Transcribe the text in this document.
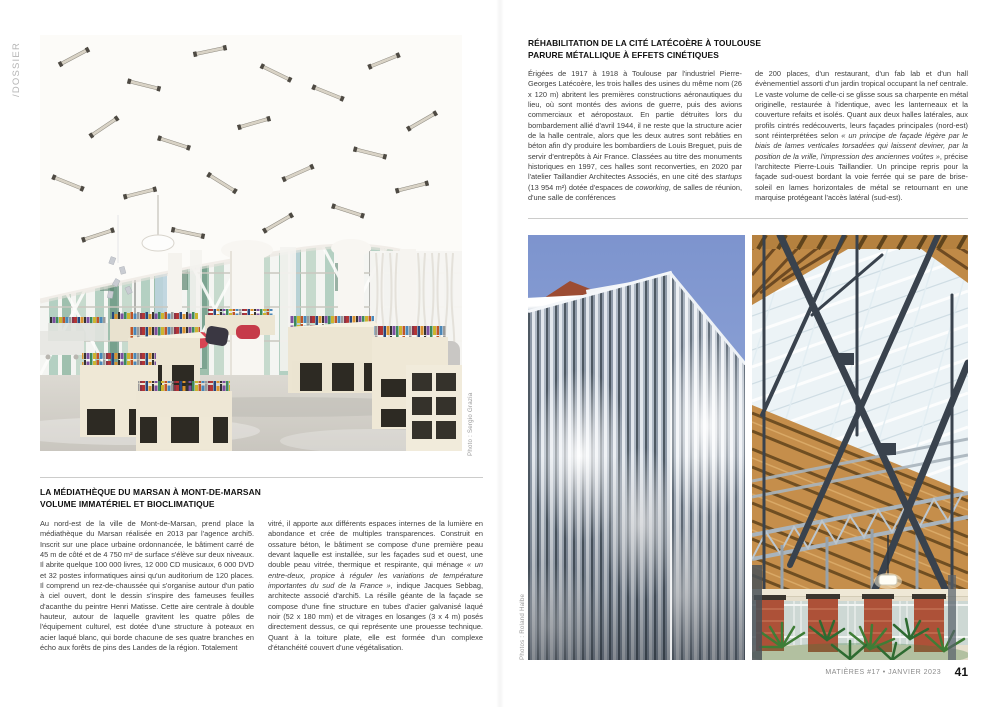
/DOSSIER
Photo : Sergio Grazia
LA MÉDIATHÈQUE DU MARSAN À MONT-DE-MARSAN
VOLUME IMMATÉRIEL ET BIOCLIMATIQUE

Au nord-est de la ville de Mont-de-Marsan, prend place la médiathèque du Marsan réalisée en 2013 par l'agence archi5. Inscrit sur une place urbaine ordonnancée, le bâtiment carré de 45 m de côté et de 4 750 m² de surface s'élève sur deux niveaux. Il abrite quelque 100 000 livres, 12 000 CD musicaux, 6 000 DVD et 32 postes informatiques ainsi qu'un auditorium de 120 places. Il comprend un rez-de-chaussée qui s'organise autour d'un patio à ciel ouvert, dont le dessin s'inspire des fameuses feuilles d'acanthe du peintre Henri Matisse. Cette aire centrale à double hauteur, autour de laquelle gravitent les quatre pôles de l'équipement culturel, est dotée d'une structure à poteaux en acier laqué blanc, qui borde chacune de ses quatre branches en écho aux forêts de pins des Landes de la région. Totalement

vitré, il apporte aux différents espaces internes de la lumière en abondance et crée de multiples transparences. Construit en ossature béton, le bâtiment se compose d'une première peau devant laquelle est installée, sur les façades sud et ouest, une double peau vitrée, thermique et respirante, qui ménage « un entre-deux, propice à réguler les variations de température importantes du sud de la France », indique Jacques Sebbag, architecte associé d'archi5. La résille géante de la façade se compose d'une fine structure en tubes d'acier galvanisé laqué noir (52 x 180 mm) et de vitrages en losanges (3 x 4 m) posés directement dessus, ce qui représente une prouesse technique. Quant à la toiture plate, elle est formée d'un complexe d'étanchéité couvert d'une végétalisation.

RÉHABILITATION DE LA CITÉ LATÉCOÈRE À TOULOUSE
PARURE MÉTALLIQUE À EFFETS CINÉTIQUES

Érigées de 1917 à 1918 à Toulouse par l'industriel Pierre-Georges Latécoère, les trois halles des usines du même nom (26 x 120 m) abritent les premières constructions aéronautiques du lieu, où sont montés des avions de guerre, puis des avions commerciaux et aéropostaux. En partie détruites lors du bombardement allié d'avril 1944, il ne reste que la structure acier de la halle centrale, alors que les deux autres sont rebâties en béton afin d'y produire les bombardiers de Louis Breguet, puis de servir d'entrepôts à Air France. Classées au titre des monuments historiques en 1997, ces halles sont reconverties, en 2020 par l'atelier Taillandier Architectes Associés, en une cité des startups (13 954 m²) dotée d'espaces de coworking, de salles de réunion, d'une salle de conférences

de 200 places, d'un restaurant, d'un fab lab et d'un hall évènementiel assorti d'un jardin tropical occupant la nef centrale. Le vaste volume de celle-ci se glisse sous sa charpente en métal originelle, restaurée à l'identique, avec les lanterneaux et la couverture refaits et isolés. Quant aux deux halles latérales, aux profils cintrés redécouverts, leurs façades principales (nord-est) sont réinterprétées selon « un principe de façade légère par le biais de lames verticales torsadées qui laissent deviner, par la position de la vrille, l'impression des anciennes voûtes », précise l'architecte Pierre-Louis Taillandier. Un principe repris pour la façade sud-ouest bordant la voie ferrée qui se pare de brise-soleil en lames horizontales de métal se retournant en une marquise protégeant l'accès latéral (sud-est).

Photos : Roland Halbe
MATIÈRES #17 • JANVIER 2023 41
